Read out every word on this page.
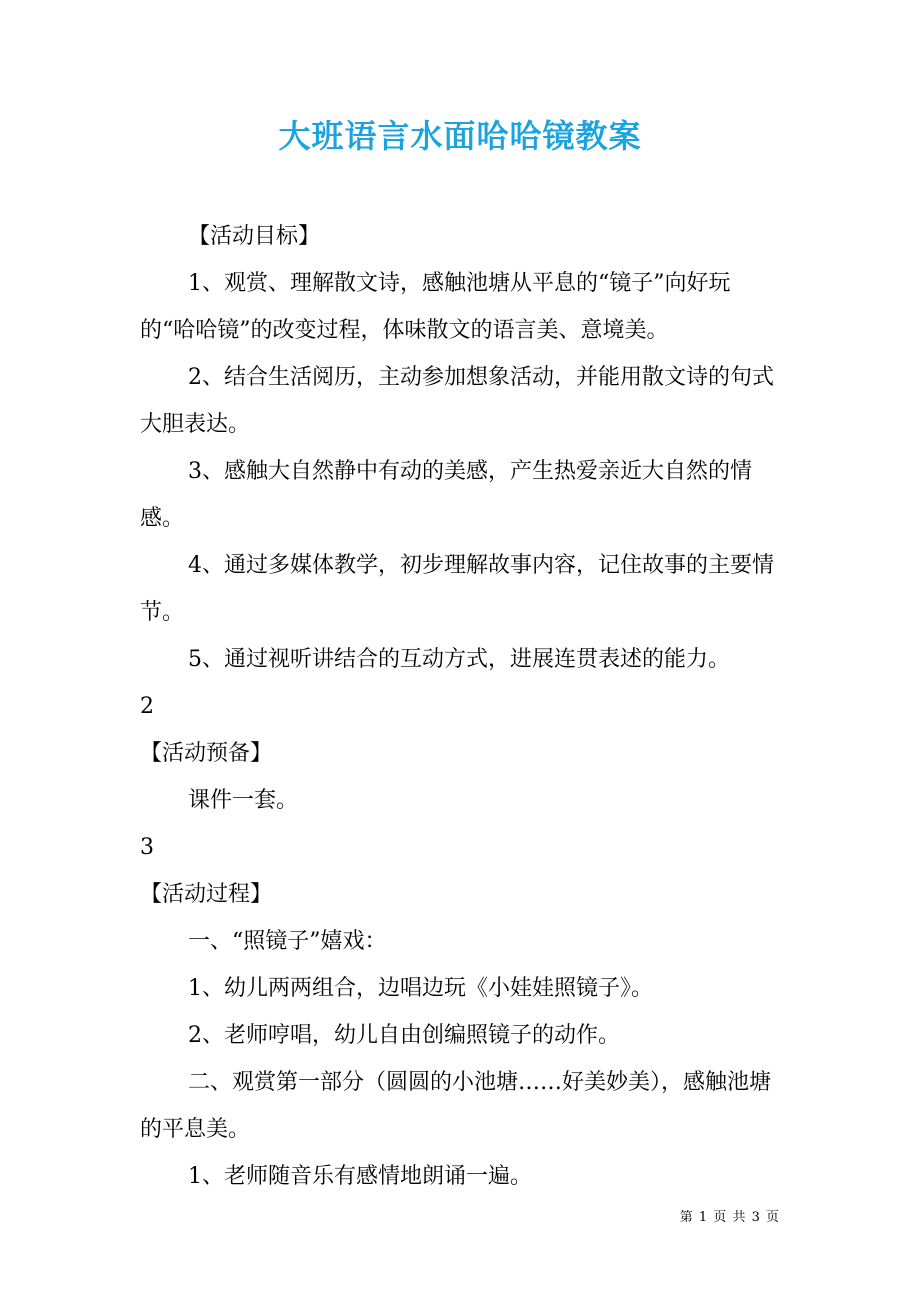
大班语言水面哈哈镜教案

【活动目标】

1、观赏、理解散文诗，感触池塘从平息的“镜子”向好玩的“哈哈镜”的改变过程，体味散文的语言美、意境美。

2、结合生活阅历，主动参加想象活动，并能用散文诗的句式大胆表达。

3、感触大自然静中有动的美感，产生热爱亲近大自然的情感。

4、通过多媒体教学，初步理解故事内容，记住故事的主要情节。

5、通过视听讲结合的互动方式，进展连贯表述的能力。

2

【活动预备】

课件一套。

3

【活动过程】

一、“照镜子”嬉戏：

1、幼儿两两组合，边唱边玩《小娃娃照镜子》。

2、老师哼唱，幼儿自由创编照镜子的动作。

二、观赏第一部分（圆圆的小池塘……好美妙美），感触池塘的平息美。

1、老师随音乐有感情地朗诵一遍。

第 1 页 共 3 页
